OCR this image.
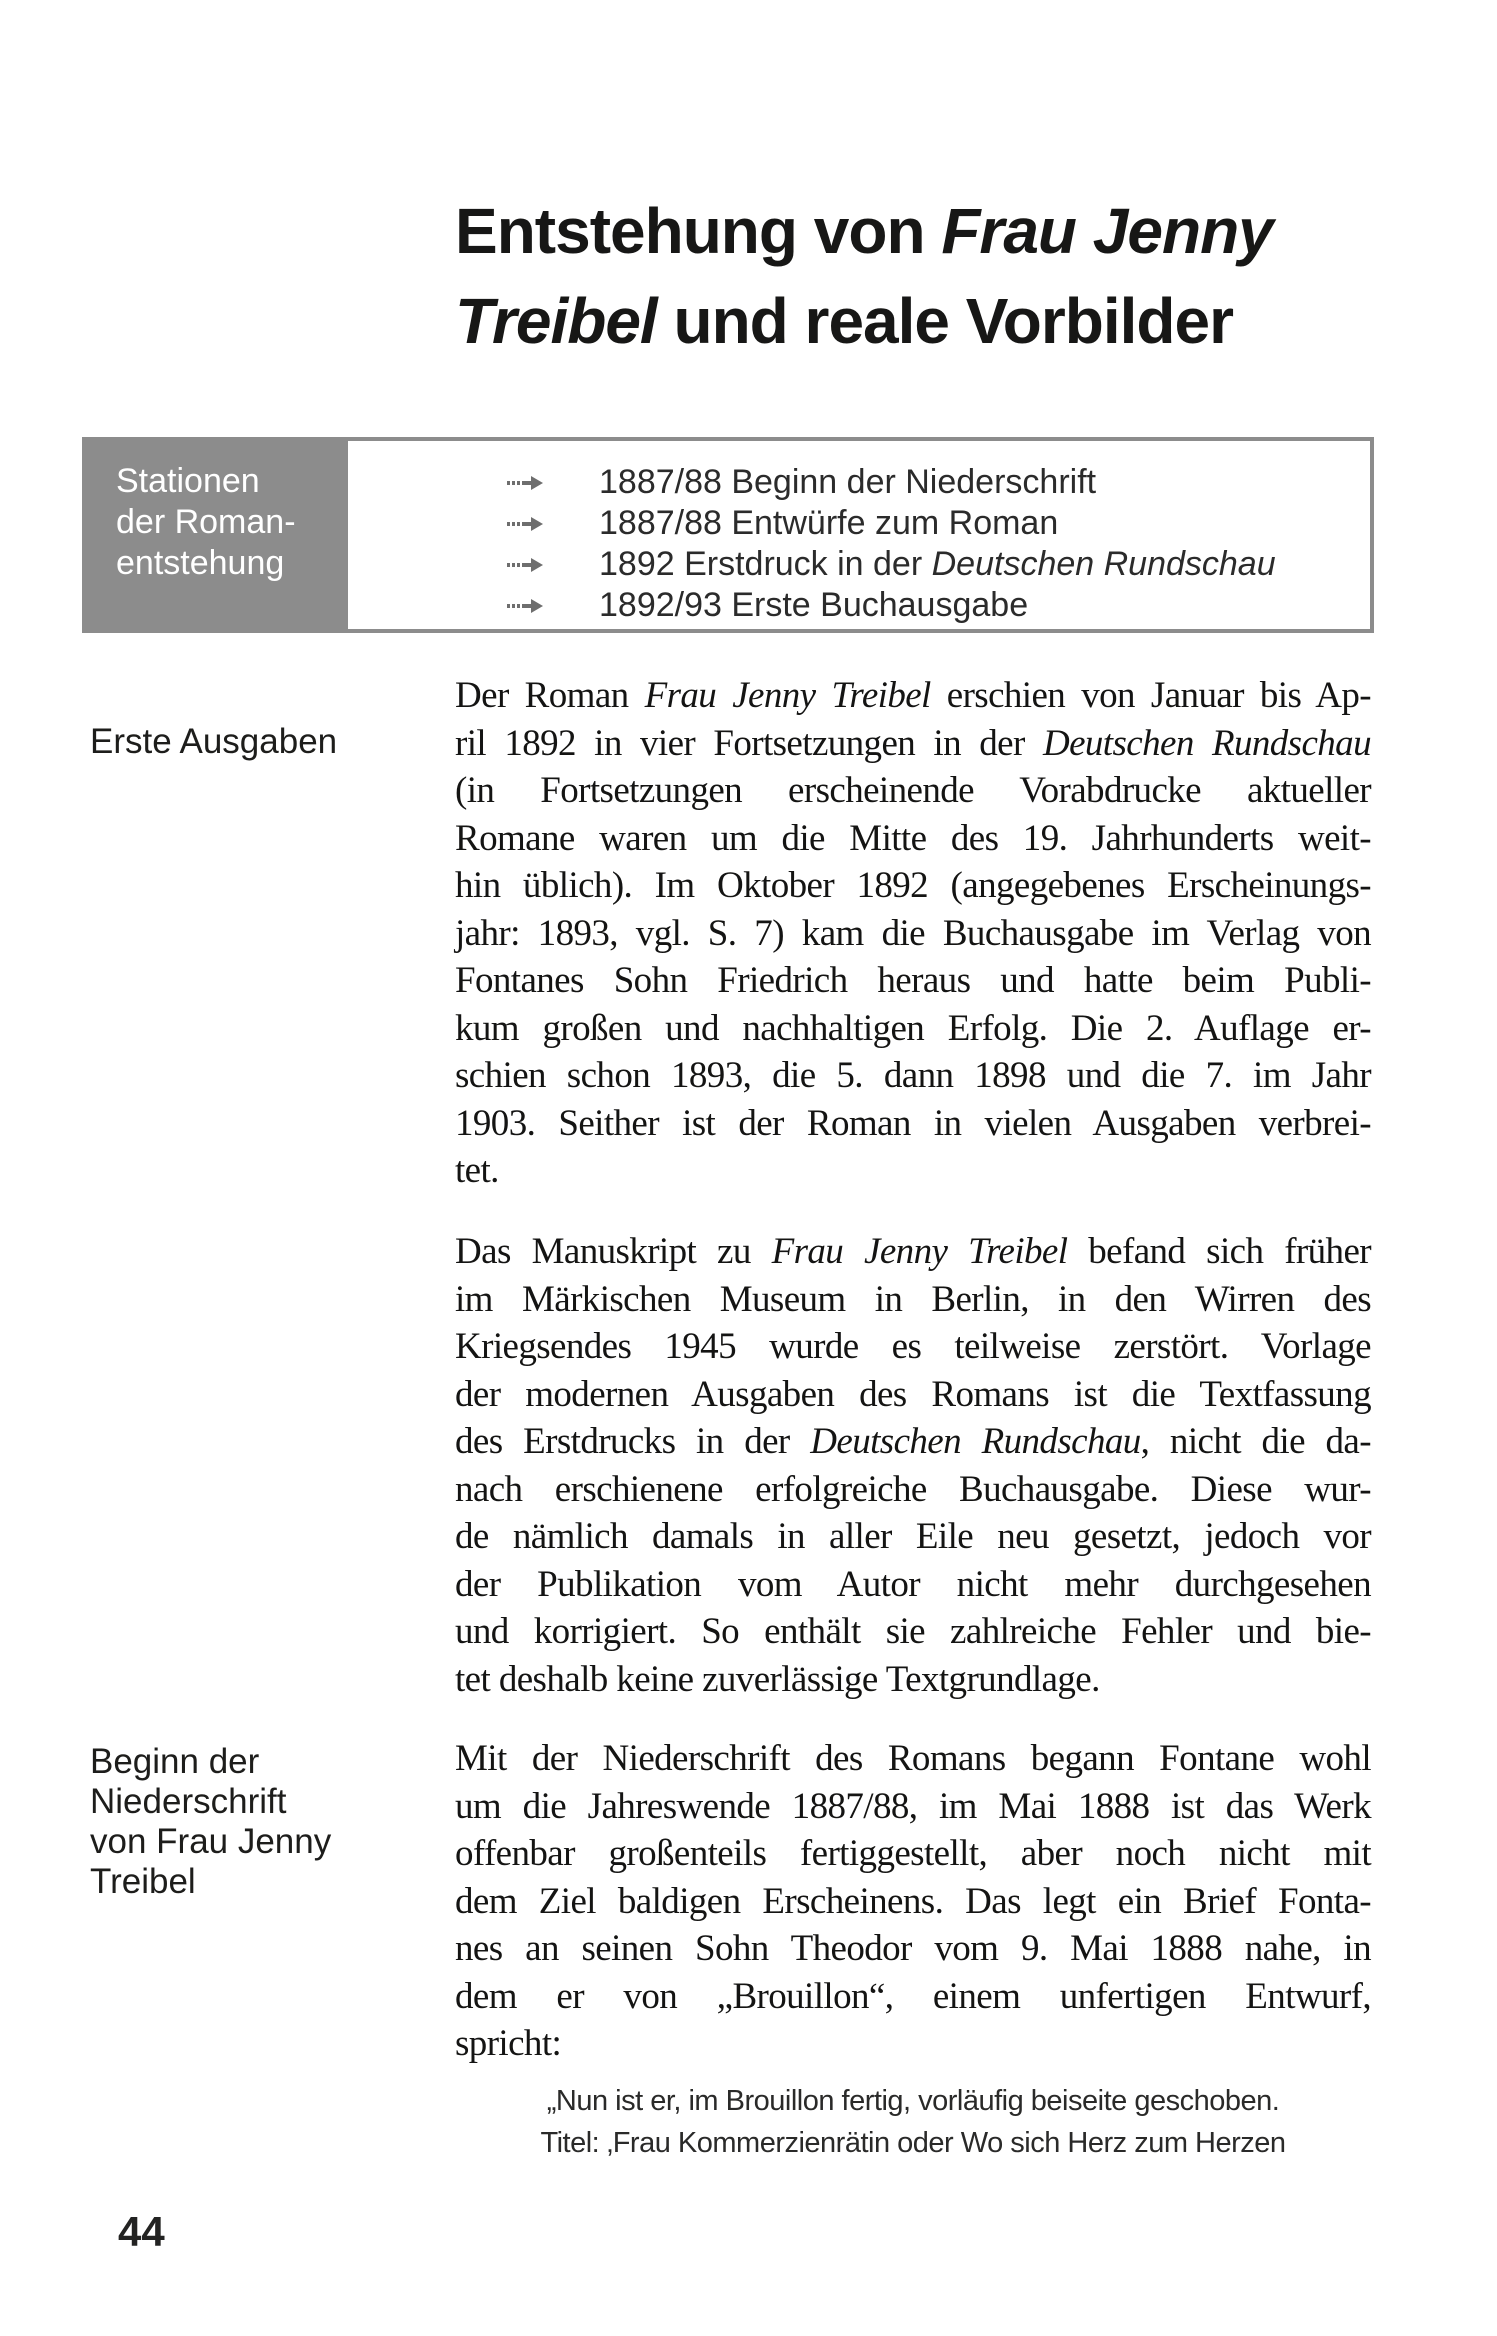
Entstehung von Frau Jenny
Treibel und reale Vorbilder
Stationen
der Roman-
entstehung
1887/88 Beginn der Niederschrift
1887/88 Entwürfe zum Roman
1892 Erstdruck in der Deutschen Rundschau
1892/93 Erste Buchausgabe
Erste Ausgaben
Beginn der
Niederschrift
von Frau Jenny
Treibel
Der Roman Frau Jenny Treibel erschien von Januar bis Ap-
ril 1892 in vier Fortsetzungen in der Deutschen Rundschau
(in Fortsetzungen erscheinende Vorabdrucke aktueller
Romane waren um die Mitte des 19. Jahrhunderts weit-
hin üblich). Im Oktober 1892 (angegebenes Erscheinungs-
jahr: 1893, vgl. S. 7) kam die Buchausgabe im Verlag von
Fontanes Sohn Friedrich heraus und hatte beim Publi-
kum großen und nachhaltigen Erfolg. Die 2. Auflage er-
schien schon 1893, die 5. dann 1898 und die 7. im Jahr
1903. Seither ist der Roman in vielen Ausgaben verbrei-
tet.
Das Manuskript zu Frau Jenny Treibel befand sich früher
im Märkischen Museum in Berlin, in den Wirren des
Kriegsendes 1945 wurde es teilweise zerstört. Vorlage
der modernen Ausgaben des Romans ist die Textfassung
des Erstdrucks in der Deutschen Rundschau, nicht die da-
nach erschienene erfolgreiche Buchausgabe. Diese wur-
de nämlich damals in aller Eile neu gesetzt, jedoch vor
der Publikation vom Autor nicht mehr durchgesehen
und korrigiert. So enthält sie zahlreiche Fehler und bie-
tet deshalb keine zuverlässige Textgrundlage.
Mit der Niederschrift des Romans begann Fontane wohl
um die Jahreswende 1887/88, im Mai 1888 ist das Werk
offenbar großenteils fertiggestellt, aber noch nicht mit
dem Ziel baldigen Erscheinens. Das legt ein Brief Fonta-
nes an seinen Sohn Theodor vom 9. Mai 1888 nahe, in
dem er von „Brouillon“, einem unfertigen Entwurf,
spricht:
„Nun ist er, im Brouillon fertig, vorläufig beiseite geschoben.
Titel: ‚Frau Kommerzienrätin oder Wo sich Herz zum Herzen
44
